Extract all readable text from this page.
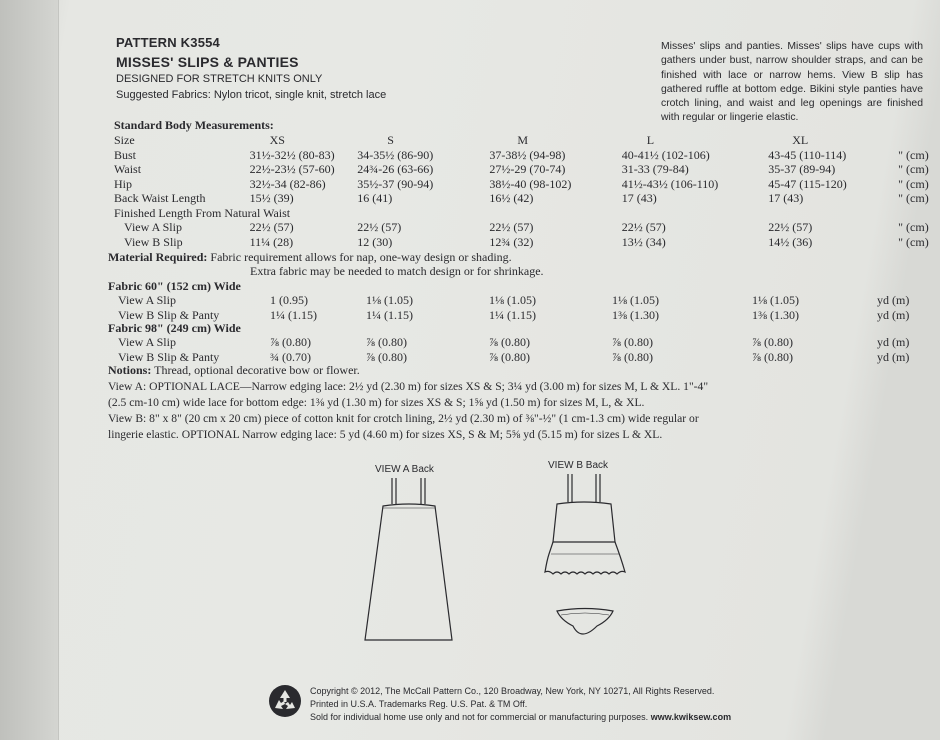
PATTERN K3554
MISSES' SLIPS & PANTIES
DESIGNED FOR STRETCH KNITS ONLY
Suggested Fabrics: Nylon tricot, single knit, stretch lace
Misses' slips and panties. Misses' slips have cups with gathers under bust, narrow shoulder straps, and can be finished with lace or narrow hems. View B slip has gathered ruffle at bottom edge. Bikini style panties have crotch lining, and waist and leg openings are finished with regular or lingerie elastic.
Standard Body Measurements:
Size	XS	S	M	L	XL	
Bust	31½-32½ (80-83)	34-35½ (86-90)	37-38½ (94-98)	40-41½ (102-106)	43-45 (110-114)	" (cm)
Waist	22½-23½ (57-60)	24¾-26 (63-66)	27½-29 (70-74)	31-33 (79-84)	35-37 (89-94)	" (cm)
Hip	32½-34 (82-86)	35½-37 (90-94)	38½-40 (98-102)	41½-43½ (106-110)	45-47 (115-120)	" (cm)
Back Waist Length	15½ (39)	16 (41)	16½ (42)	17 (43)	17 (43)	" (cm)
Finished Length From Natural Waist						
View A Slip	22½ (57)	22½ (57)	22½ (57)	22½ (57)	22½ (57)	" (cm)
View B Slip	11¼ (28)	12 (30)	12¾ (32)	13½ (34)	14½ (36)	" (cm)
Material Required: Fabric requirement allows for nap, one-way design or shading.
Extra fabric may be needed to match design or for shrinkage.
Fabric 60" (152 cm) Wide
View A Slip	1 (0.95)	1⅛ (1.05)	1⅛ (1.05)	1⅛ (1.05)	1⅛ (1.05)	yd (m)
View B Slip & Panty	1¼ (1.15)	1¼ (1.15)	1¼ (1.15)	1⅜ (1.30)	1⅜ (1.30)	yd (m)
Fabric 98" (249 cm) Wide
View A Slip	⅞ (0.80)	⅞ (0.80)	⅞ (0.80)	⅞ (0.80)	⅞ (0.80)	yd (m)
View B Slip & Panty	¾ (0.70)	⅞ (0.80)	⅞ (0.80)	⅞ (0.80)	⅞ (0.80)	yd (m)
Notions: Thread, optional decorative bow or flower.
View A: OPTIONAL LACE—Narrow edging lace: 2½ yd (2.30 m) for sizes XS & S; 3¼ yd (3.00 m) for sizes M, L & XL. 1"-4"
(2.5 cm-10 cm) wide lace for bottom edge: 1⅜ yd (1.30 m) for sizes XS & S; 1⅝ yd (1.50 m) for sizes M, L, & XL.
View B: 8" x 8" (20 cm x 20 cm) piece of cotton knit for crotch lining, 2½ yd (2.30 m) of ⅜"-½" (1 cm-1.3 cm) wide regular or
lingerie elastic. OPTIONAL Narrow edging lace: 5 yd (4.60 m) for sizes XS, S & M; 5⅝ yd (5.15 m) for sizes L & XL.
VIEW A Back	VIEW B Back
Copyright © 2012, The McCall Pattern Co., 120 Broadway, New York, NY 10271, All Rights Reserved.
Printed in U.S.A. Trademarks Reg. U.S. Pat. & TM Off.
Sold for individual home use only and not for commercial or manufacturing purposes. www.kwiksew.com
